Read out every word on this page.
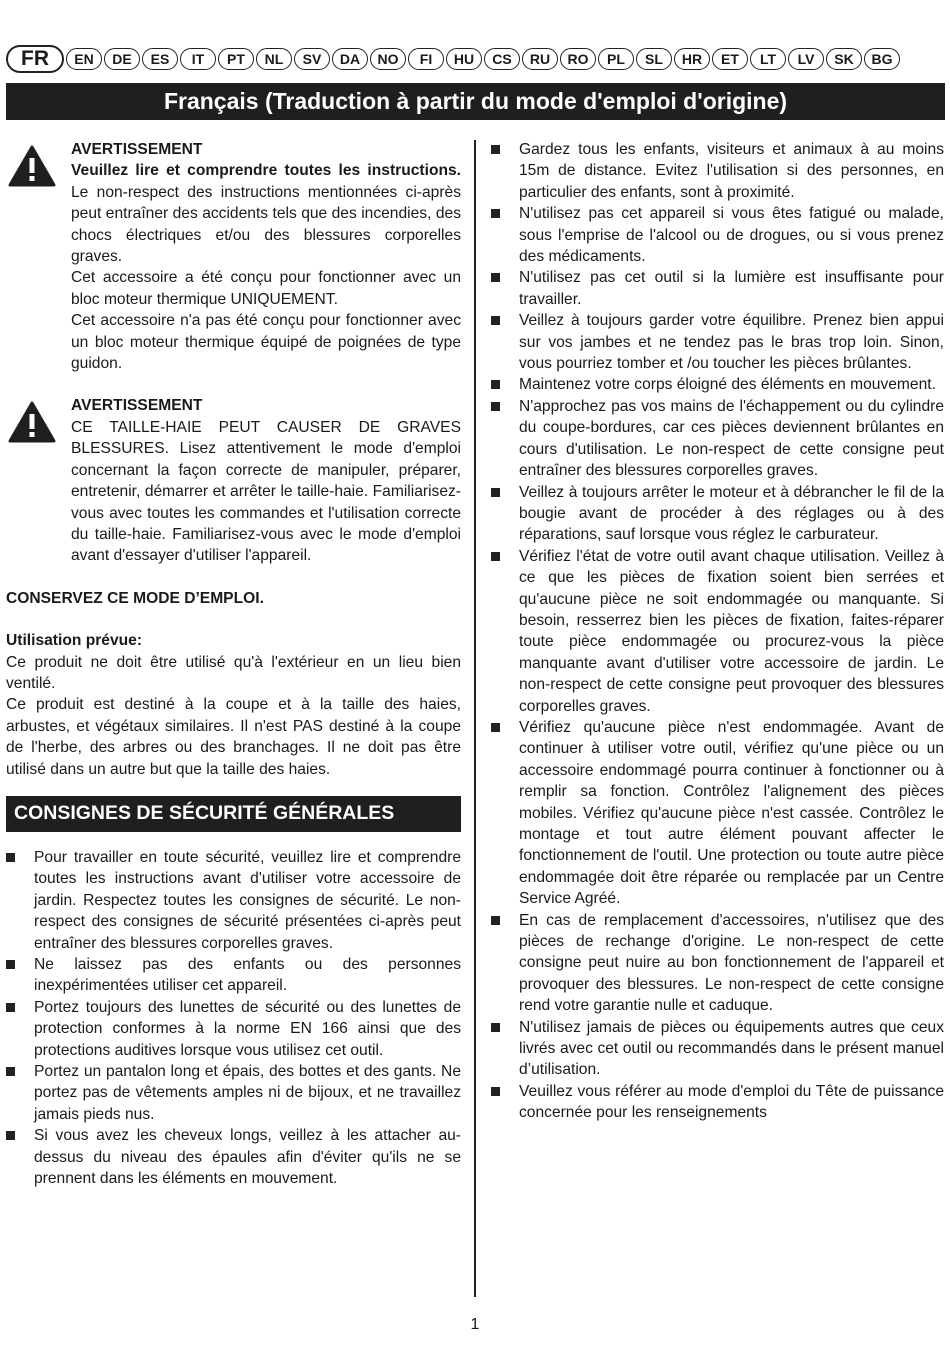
FR	EN	DE	ES	IT	PT	NL	SV	DA	NO	FI	HU	CS	RU	RO	PL	SL	HR	ET	LT	LV	SK	BG
Français (Traduction à partir du mode d'emploi d'origine)

AVERTISSEMENT

Veuillez lire et comprendre toutes les instructions. Le non-respect des instructions mentionnées ci-après peut entraîner des accidents tels que des incendies, des chocs électriques et/ou des blessures corporelles graves.

Cet accessoire a été conçu pour fonctionner avec un bloc moteur thermique UNIQUEMENT.

Cet accessoire n'a pas été conçu pour fonctionner avec un bloc moteur thermique équipé de poignées de type guidon.

AVERTISSEMENT

CE TAILLE-HAIE PEUT CAUSER DE GRAVES BLESSURES. Lisez attentivement le mode d'emploi concernant la façon correcte de manipuler, préparer, entretenir, démarrer et arrêter le taille-haie. Familiarisez-vous avec toutes les commandes et l'utilisation correcte du taille-haie. Familiarisez-vous avec le mode d'emploi avant d'essayer d'utiliser l'appareil.

CONSERVEZ CE MODE D’EMPLOI.

Utilisation prévue:

Ce produit ne doit être utilisé qu'à l'extérieur en un lieu bien ventilé.

Ce produit est destiné à la coupe et à la taille des haies, arbustes, et végétaux similaires. Il n'est PAS destiné à la coupe de l'herbe, des arbres ou des branchages. Il ne doit pas être utilisé dans un autre but que la taille des haies.

CONSIGNES DE SÉCURITÉ GÉNÉRALES
Pour travailler en toute sécurité, veuillez lire et comprendre toutes les instructions avant d'utiliser votre accessoire de jardin. Respectez toutes les consignes de sécurité. Le non-respect des consignes de sécurité présentées ci-après peut entraîner des blessures corporelles graves.
Ne laissez pas des enfants ou des personnes inexpérimentées utiliser cet appareil.
Portez toujours des lunettes de sécurité ou des lunettes de protection conformes à la norme EN 166 ainsi que des protections auditives lorsque vous utilisez cet outil.
Portez un pantalon long et épais, des bottes et des gants. Ne portez pas de vêtements amples ni de bijoux, et ne travaillez jamais pieds nus.
Si vous avez les cheveux longs, veillez à les attacher au-dessus du niveau des épaules afin d'éviter qu'ils ne se prennent dans les éléments en mouvement.
Gardez tous les enfants, visiteurs et animaux à au moins 15m de distance. Evitez l'utilisation si des personnes, en particulier des enfants, sont à proximité.
N'utilisez pas cet appareil si vous êtes fatigué ou malade, sous l'emprise de l'alcool ou de drogues, ou si vous prenez des médicaments.
N'utilisez pas cet outil si la lumière est insuffisante pour travailler.
Veillez à toujours garder votre équilibre. Prenez bien appui sur vos jambes et ne tendez pas le bras trop loin. Sinon, vous pourriez tomber et /ou toucher les pièces brûlantes.
Maintenez votre corps éloigné des éléments en mouvement.
N'approchez pas vos mains de l'échappement ou du cylindre du coupe-bordures, car ces pièces deviennent brûlantes en cours d'utilisation. Le non-respect de cette consigne peut entraîner des blessures corporelles graves.
Veillez à toujours arrêter le moteur et à débrancher le fil de la bougie avant de procéder à des réglages ou à des réparations, sauf lorsque vous réglez le carburateur.
Vérifiez l'état de votre outil avant chaque utilisation. Veillez à ce que les pièces de fixation soient bien serrées et qu'aucune pièce ne soit endommagée ou manquante. Si besoin, resserrez bien les pièces de fixation, faites-réparer toute pièce endommagée ou procurez-vous la pièce manquante avant d'utiliser votre accessoire de jardin. Le non-respect de cette consigne peut provoquer des blessures corporelles graves.
Vérifiez qu'aucune pièce n'est endommagée. Avant de continuer à utiliser votre outil, vérifiez qu'une pièce ou un accessoire endommagé pourra continuer à fonctionner ou à remplir sa fonction. Contrôlez l'alignement des pièces mobiles. Vérifiez qu'aucune pièce n'est cassée. Contrôlez le montage et tout autre élément pouvant affecter le fonctionnement de l'outil. Une protection ou toute autre pièce endommagée doit être réparée ou remplacée par un Centre Service Agréé.
En cas de remplacement d'accessoires, n'utilisez que des pièces de rechange d'origine. Le non-respect de cette consigne peut nuire au bon fonctionnement de l'appareil et provoquer des blessures. Le non-respect de cette consigne rend votre garantie nulle et caduque.
N'utilisez jamais de pièces ou équipements autres que ceux livrés avec cet outil ou recommandés dans le présent manuel d’utilisation.
Veuillez vous référer au mode d'emploi du Tête de puissance concernée pour les renseignements
1
